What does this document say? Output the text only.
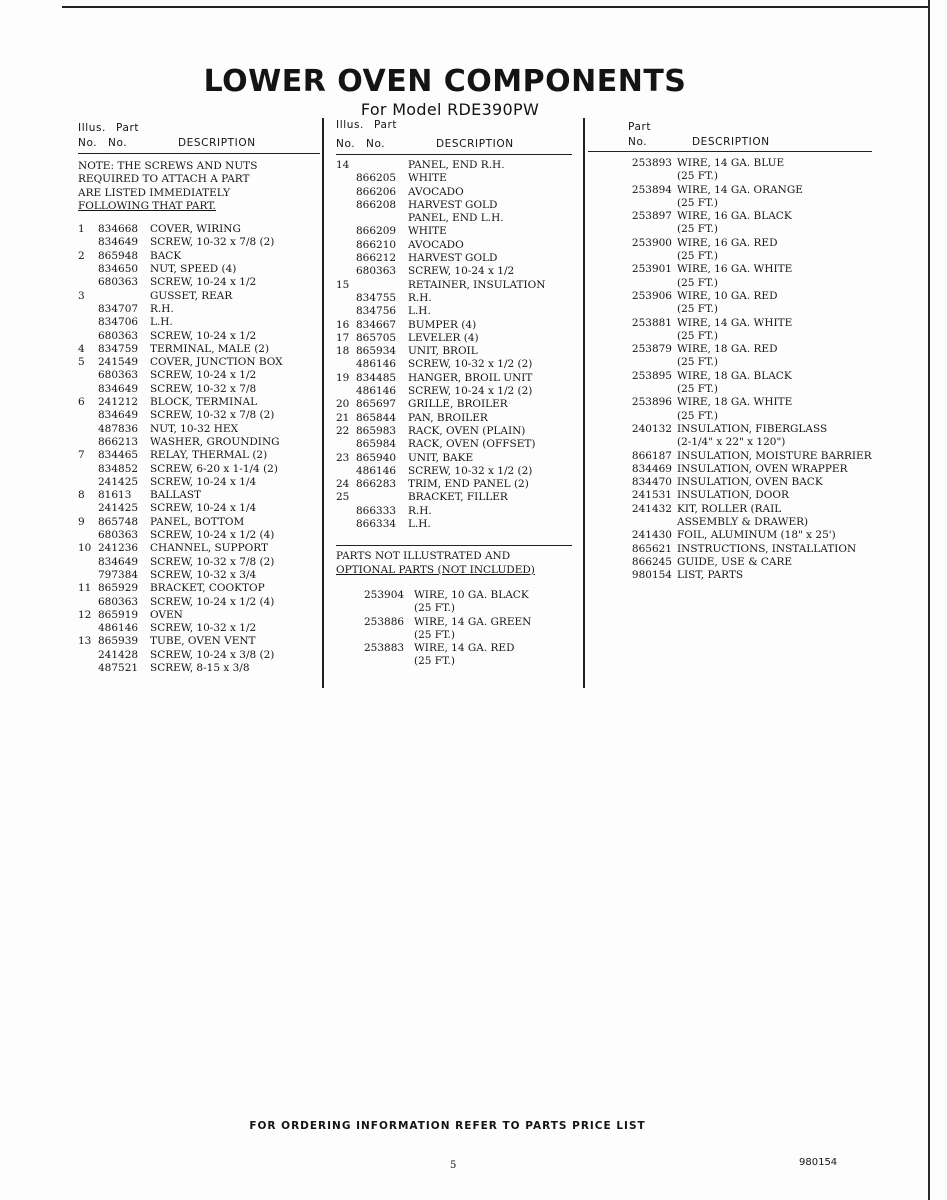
LOWER OVEN COMPONENTS
For Model RDE390PW
Illus. Part
No. No.	DESCRIPTION
NOTE: THE SCREWS AND NUTS
REQUIRED TO ATTACH A PART
ARE LISTED IMMEDIATELY
FOLLOWING THAT PART.
1	834668	COVER, WIRING
834649	SCREW, 10-32 x 7/8 (2)
2	865948	BACK
834650	NUT, SPEED (4)
680363	SCREW, 10-24 x 1/2
3	GUSSET, REAR
834707	R.H.
834706	L.H.
680363	SCREW, 10-24 x 1/2
4	834759	TERMINAL, MALE (2)
5	241549	COVER, JUNCTION BOX
680363	SCREW, 10-24 x 1/2
834649	SCREW, 10-32 x 7/8
6	241212	BLOCK, TERMINAL
834649	SCREW, 10-32 x 7/8 (2)
487836	NUT, 10-32 HEX
866213	WASHER, GROUNDING
7	834465	RELAY, THERMAL (2)
834852	SCREW, 6-20 x 1-1/4 (2)
241425	SCREW, 10-24 x 1/4
8	81613	BALLAST
241425	SCREW, 10-24 x 1/4
9	865748	PANEL, BOTTOM
680363	SCREW, 10-24 x 1/2 (4)
10 241236	CHANNEL, SUPPORT
834649	SCREW, 10-32 x 7/8 (2)
797384	SCREW, 10-32 x 3/4
11 865929	BRACKET, COOKTOP
680363	SCREW, 10-24 x 1/2 (4)
12 865919	OVEN
486146	SCREW, 10-32 x 1/2
13 865939	TUBE, OVEN VENT
241428	SCREW, 10-24 x 3/8 (2)
487521	SCREW, 8-15 x 3/8
Illus. Part
No. No.	DESCRIPTION
14	PANEL, END R.H.
866205	WHITE
866206	AVOCADO
866208	HARVEST GOLD
PANEL, END L.H.
866209	WHITE
866210	AVOCADO
866212	HARVEST GOLD
680363	SCREW, 10-24 x 1/2
15	RETAINER, INSULATION
834755	R.H.
834756	L.H.
16 834667	BUMPER (4)
17 865705	LEVELER (4)
18 865934	UNIT, BROIL
486146	SCREW, 10-32 x 1/2 (2)
19 834485	HANGER, BROIL UNIT
486146	SCREW, 10-24 x 1/2 (2)
20 865697	GRILLE, BROILER
21 865844	PAN, BROILER
22 865983	RACK, OVEN (PLAIN)
865984	RACK, OVEN (OFFSET)
23 865940	UNIT, BAKE
486146	SCREW, 10-32 x 1/2 (2)
24 866283	TRIM, END PANEL (2)
25	BRACKET, FILLER
866333	R.H.
866334	L.H.
PARTS NOT ILLUSTRATED AND
OPTIONAL PARTS (NOT INCLUDED)
253904 WIRE, 10 GA. BLACK
(25 FT.)
253886 WIRE, 14 GA. GREEN
(25 FT.)
253883 WIRE, 14 GA. RED
(25 FT.)
Part
No.	DESCRIPTION
253893 WIRE, 14 GA. BLUE
(25 FT.)
253894 WIRE, 14 GA. ORANGE
(25 FT.)
253897 WIRE, 16 GA. BLACK
(25 FT.)
253900 WIRE, 16 GA. RED
(25 FT.)
253901 WIRE, 16 GA. WHITE
(25 FT.)
253906 WIRE, 10 GA. RED
(25 FT.)
253881 WIRE, 14 GA. WHITE
(25 FT.)
253879 WIRE, 18 GA. RED
(25 FT.)
253895 WIRE, 18 GA. BLACK
(25 FT.)
253896 WIRE, 18 GA. WHITE
(25 FT.)
240132 INSULATION, FIBERGLASS
(2-1/4" x 22" x 120")
866187 INSULATION, MOISTURE BARRIER
834469 INSULATION, OVEN WRAPPER
834470 INSULATION, OVEN BACK
241531 INSULATION, DOOR
241432 KIT, ROLLER (RAIL
ASSEMBLY & DRAWER)
241430 FOIL, ALUMINUM (18" x 25')
865621 INSTRUCTIONS, INSTALLATION
866245 GUIDE, USE & CARE
980154 LIST, PARTS
FOR ORDERING INFORMATION REFER TO PARTS PRICE LIST
5	980154
